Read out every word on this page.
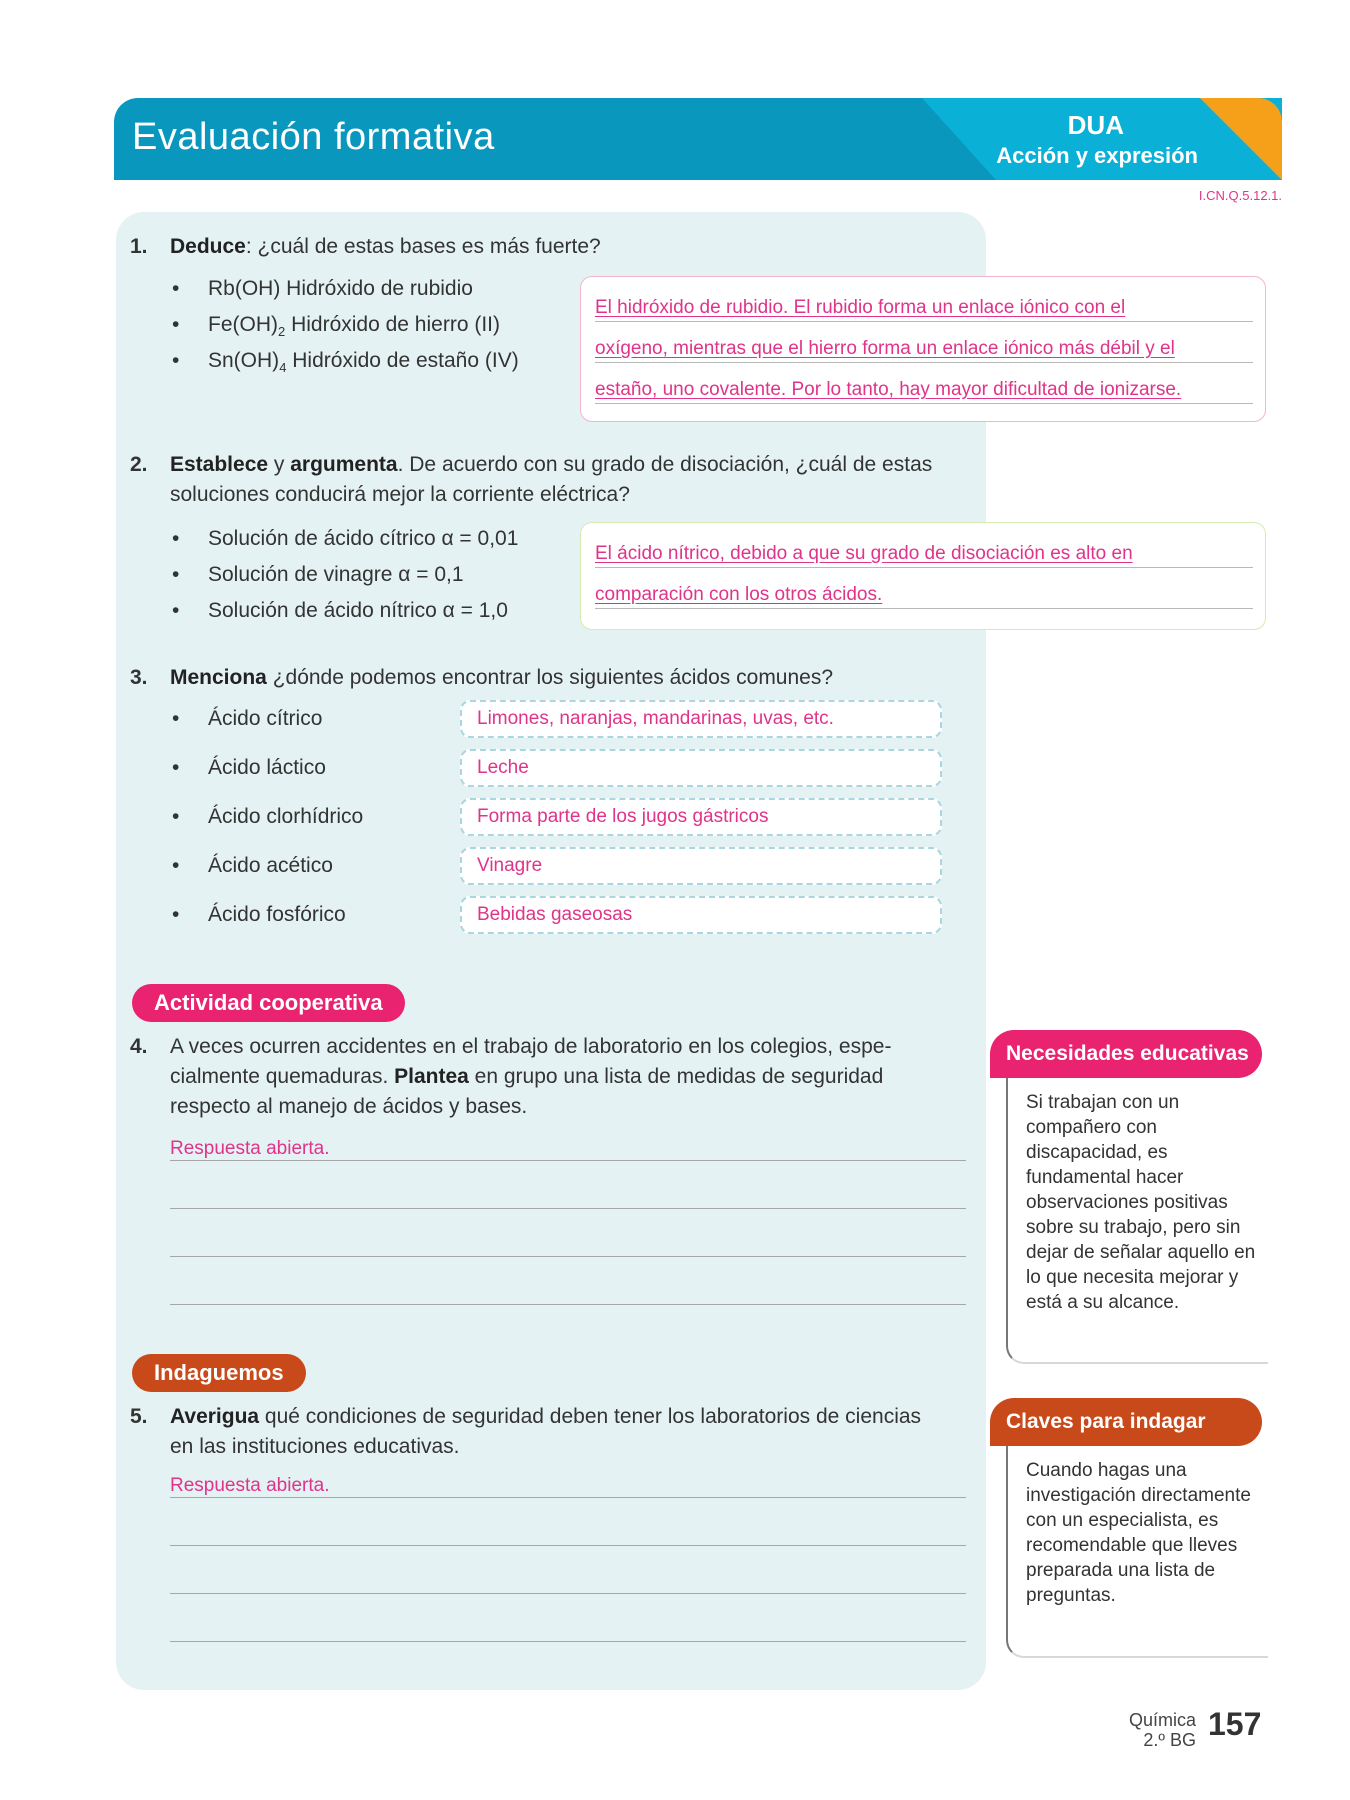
Evaluación formativa	DUA
Acción y expresión
I.CN.Q.5.12.1.
1. Deduce: ¿cuál de estas bases es más fuerte?
• Rb(OH) Hidróxido de rubidio
• $Fe(OH)_2$ Hidróxido de hierro (II)
• $Sn(OH)_4$ Hidróxido de estaño (IV)
El hidróxido de rubidio. El rubidio forma un enlace iónico con el
oxígeno, mientras que el hierro forma un enlace iónico más débil y el
estaño, uno covalente. Por lo tanto, hay mayor dificultad de ionizarse.
2. Establece y argumenta. De acuerdo con su grado de disociación, ¿cuál de estas
soluciones conducirá mejor la corriente eléctrica?
• Solución de ácido cítrico α = 0,01
• Solución de vinagre α = 0,1
• Solución de ácido nítrico α = 1,0
El ácido nítrico, debido a que su grado de disociación es alto en
comparación con los otros ácidos.
3. Menciona ¿dónde podemos encontrar los siguientes ácidos comunes?
• Ácido cítrico	Limones, naranjas, mandarinas, uvas, etc.
• Ácido láctico	Leche
• Ácido clorhídrico	Forma parte de los jugos gástricos
• Ácido acético	Vinagre
• Ácido fosfórico	Bebidas gaseosas
Actividad cooperativa
4. A veces ocurren accidentes en el trabajo de laboratorio en los colegios, espe-
cialmente quemaduras. Plantea en grupo una lista de medidas de seguridad
respecto al manejo de ácidos y bases.
Respuesta abierta.
Indaguemos
5. Averigua qué condiciones de seguridad deben tener los laboratorios de ciencias
en las instituciones educativas.
Respuesta abierta.
Necesidades educativas
Si trabajan con un compañero con discapacidad, es fundamental hacer observaciones positivas sobre su trabajo, pero sin dejar de señalar aquello en lo que necesita mejorar y está a su alcance.
Claves para indagar
Cuando hagas una investigación directamente con un especialista, es recomendable que lleves preparada una lista de preguntas.
Química
2.º BG 157
